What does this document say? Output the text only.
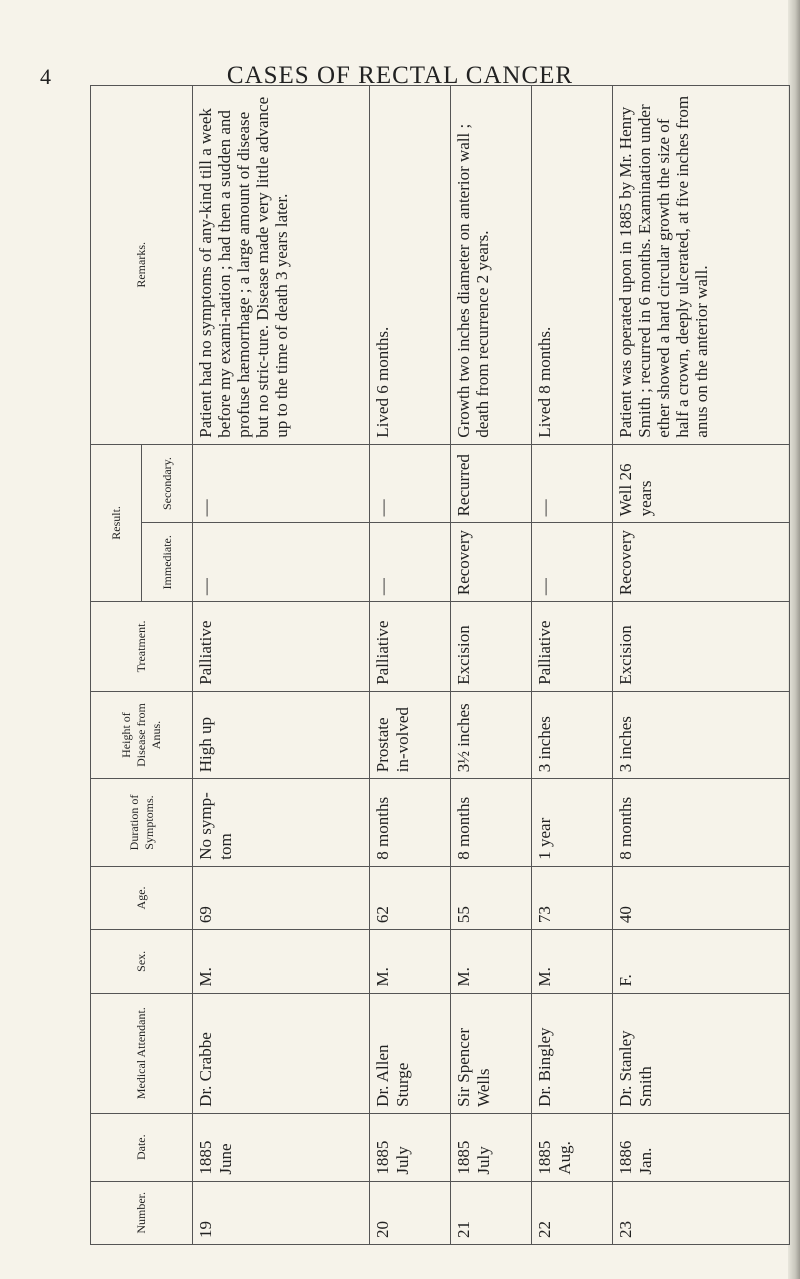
4	CASES OF RECTAL CANCER
Number.	Date.	Medical Attendant.	Sex.	Age.	Duration of Symptoms.	Height of Disease from Anus.	Treatment.	Result.		Remarks.
								Immediate.	Secondary.	
19	1885 June	Dr. Crabbe	M.	69	No symp-tom	High up	Palliative	—	—	Patient had no symptoms of any-kind till a week before my exami-nation ; had then a sudden and profuse hæmorrhage ; a large amount of disease but no stric-ture. Disease made very little advance up to the time of death 3 years later.
20	1885 July	Dr. Allen Sturge	M.	62	8 months	Prostate in-volved	Palliative	—	—	Lived 6 months.
21	1885 July	Sir Spencer Wells	M.	55	8 months	3½ inches	Excision	Recovery	Recurred	Growth two inches diameter on anterior wall ; death from recurrence 2 years.
22	1885 Aug.	Dr. Bingley	M.	73	1 year	3 inches	Palliative	—	—	Lived 8 months.
23	1886 Jan.	Dr. Stanley Smith	F.	40	8 months	3 inches	Excision	Recovery	Well 26 years	Patient was operated upon in 1885 by Mr. Henry Smith ; recurred in 6 months. Examination under ether showed a hard circular growth the size of half a crown, deeply ulcerated, at five inches from anus on the anterior wall.
